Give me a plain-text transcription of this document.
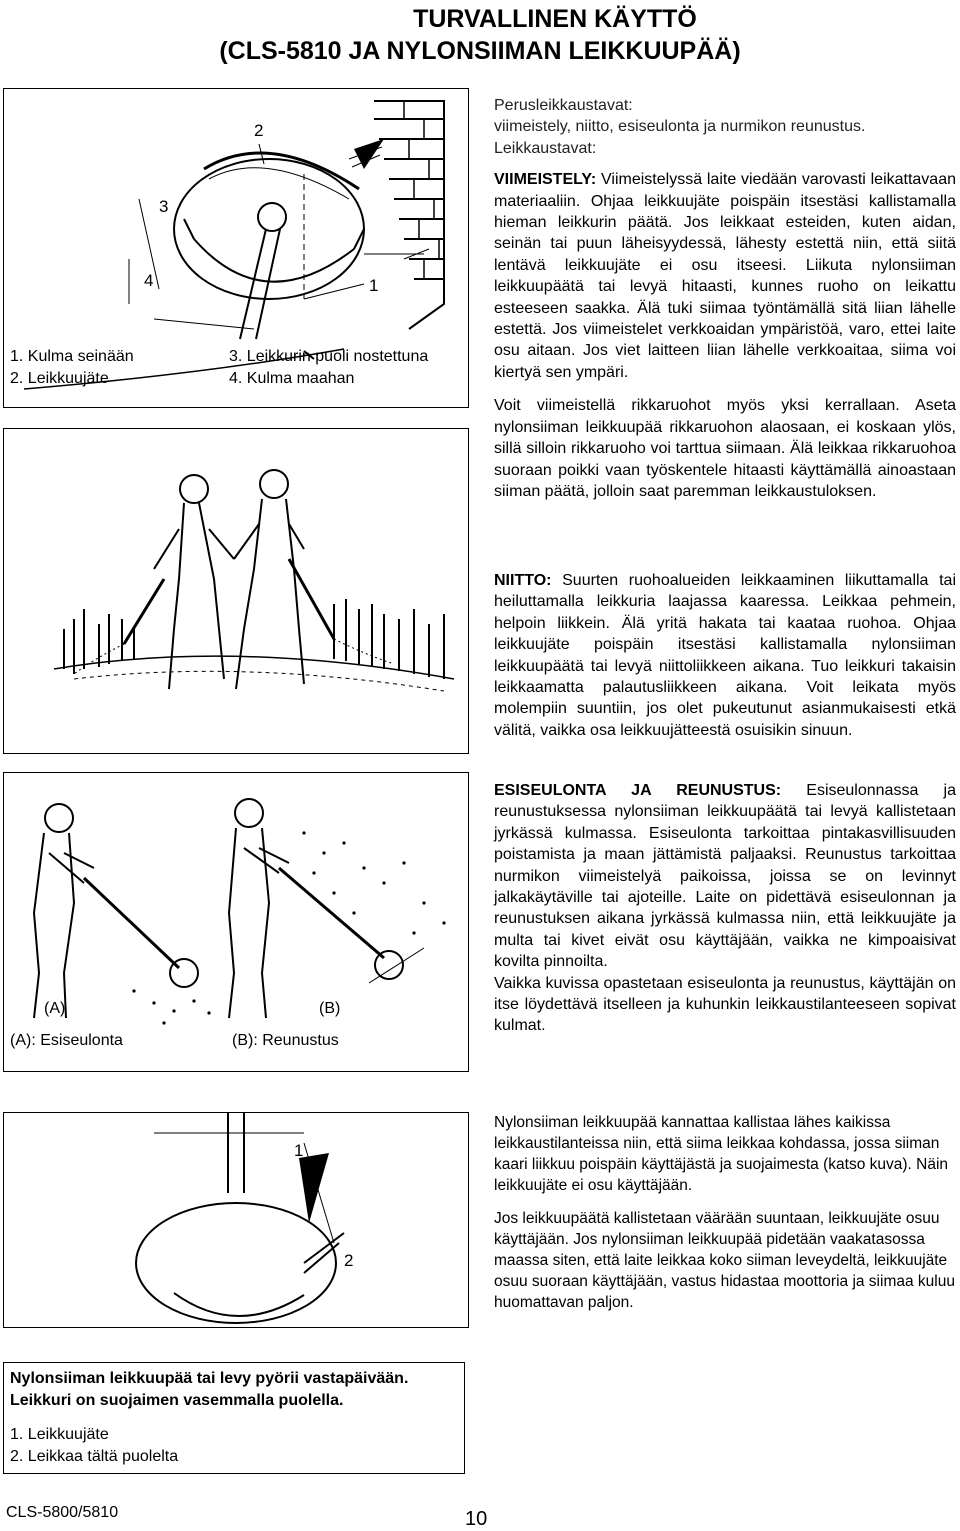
TURVALLINEN KÄYTTÖ
(CLS-5810 JA NYLONSIIMAN LEIKKUUPÄÄ)
2
3
4	1
1. Kulma seinään
2. Leikkuujäte
3. Leikkurin puoli nostettuna
4. Kulma maahan
(A)	(B)
(A): Esiseulonta	(B): Reunustus
1
2
Nylonsiiman leikkuupää tai levy pyörii vastapäivään.
Leikkuri on suojaimen vasemmalla puolella.
1. Leikkuujäte
2. Leikkaa tältä puolelta

Perusleikkaustavat:
viimeistely, niitto, esiseulonta ja nurmikon reunustus.
Leikkaustavat:

VIIMEISTELY: Viimeistelyssä laite viedään varovasti leikattavaan materiaaliin. Ohjaa leikkuujäte poispäin itsestäsi kallistamalla hieman leikkurin päätä. Jos leikkaat esteiden, kuten aidan, seinän tai puun läheisyydessä, lähesty estettä niin, että siitä lentävä leikkuujäte ei osu itseesi. Liikuta nylonsiiman leikkuupäätä tai levyä hitaasti, kunnes ruoho on leikattu esteeseen saakka. Älä tuki siimaa työntämällä sitä liian lähelle estettä. Jos viimeistelet verkkoaidan ympäristöä, varo, ettei laite osu aitaan. Jos viet laitteen liian lähelle verkkoaitaa, siima voi kiertyä sen ympäri.

Voit viimeistellä rikkaruohot myös yksi kerrallaan. Aseta nylonsiiman leikkuupää rikkaruohon alaosaan, ei koskaan ylös, sillä silloin rikkaruoho voi tarttua siimaan. Älä leikkaa rikkaruohoa suoraan poikki vaan työskentele hitaasti käyttämällä ainoastaan siiman päätä, jolloin saat paremman leikkaustuloksen.

NIITTO: Suurten ruohoalueiden leikkaaminen liikuttamalla tai heiluttamalla leikkuria laajassa kaaressa. Leikkaa pehmein, helpoin liikkein. Älä yritä hakata tai kaataa ruohoa. Ohjaa leikkuujäte poispäin itsestäsi kallistamalla nylonsiiman leikkuupäätä tai levyä niittoliikkeen aikana. Tuo leikkuri takaisin leikkaamatta palautusliikkeen aikana. Voit leikata myös molempiin suuntiin, jos olet pukeutunut asianmukaisesti etkä välitä, vaikka osa leikkuujätteestä osuisikin sinuun.

ESISEULONTA JA REUNUSTUS: Esiseulonnassa ja reunustuksessa nylonsiiman leikkuupäätä tai levyä kallistetaan jyrkässä kulmassa. Esiseulonta tarkoittaa pintakasvillisuuden poistamista ja maan jättämistä paljaaksi. Reunustus tarkoittaa nurmikon viimeistelyä paikoissa, joissa se on levinnyt jalkakäytäville tai ajoteille. Laite on pidettävä esiseulonnan ja reunustuksen aikana jyrkässä kulmassa niin, että leikkuujäte ja multa tai kivet eivät osu käyttäjään, vaikka ne kimpoaisivat kovilta pinnoilta.

Vaikka kuvissa opastetaan esiseulonta ja reunustus, käyttäjän on itse löydettävä itselleen ja kuhunkin leikkaustilanteeseen sopivat kulmat.

Nylonsiiman leikkuupää kannattaa kallistaa lähes kaikissa leikkaustilanteissa niin, että siima leikkaa kohdassa, jossa siiman kaari liikkuu poispäin käyttäjästä ja suojaimesta (katso kuva). Näin leikkuujäte ei osu käyttäjään.

Jos leikkuupäätä kallistetaan väärään suuntaan, leikkuujäte osuu käyttäjään. Jos nylonsiiman leikkuupää pidetään vaakatasossa maassa siten, että laite leikkaa koko siiman leveydeltä, leikkuujäte osuu suoraan käyttäjään, vastus hidastaa moottoria ja siimaa kuluu huomattavan paljon.

CLS-5800/5810	10
